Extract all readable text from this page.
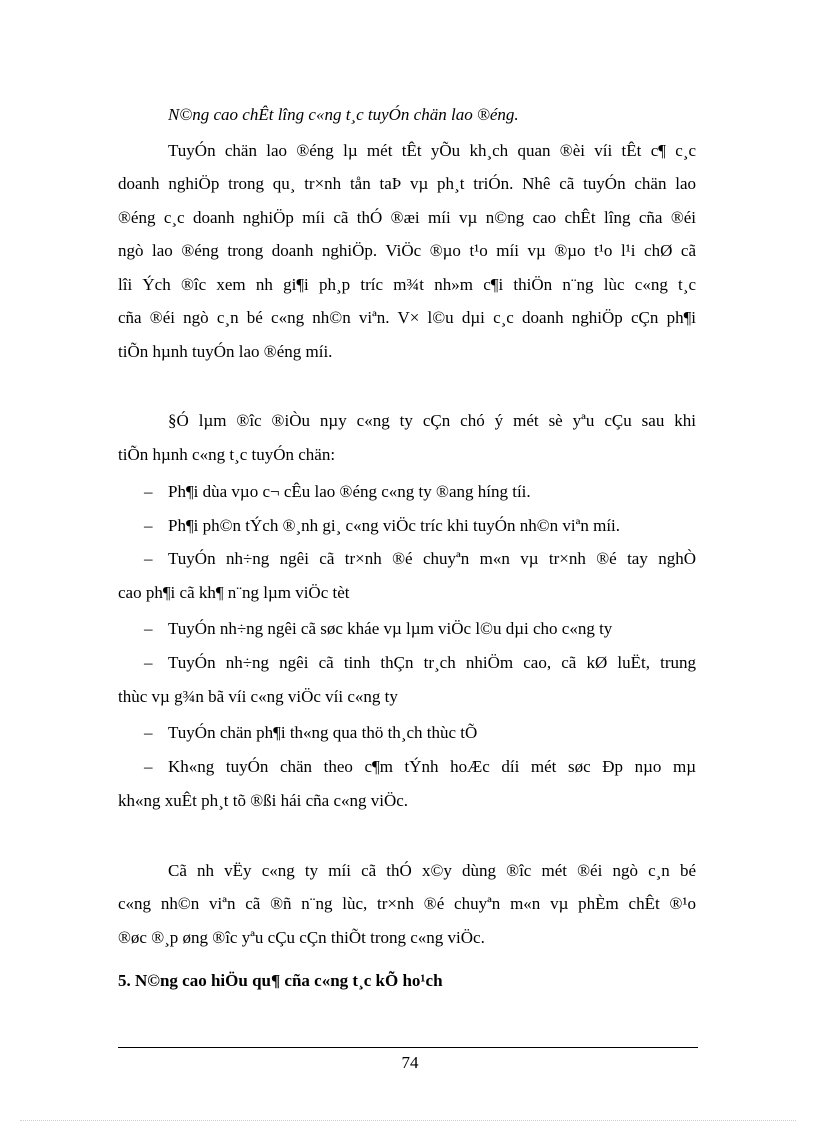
N©ng cao chÊt lîng c«ng t¸c tuyÓn chän lao ®éng.
TuyÓn chän lao ®éng lµ mét tÊt yÕu kh¸ch quan ®èi víi tÊt c¶ c¸c
doanh nghiÖp trong qu¸ tr×nh tån taÞ vµ ph¸t triÓn. Nhê cã tuyÓn chän lao
®éng c¸c doanh nghiÖp míi cã thÓ ®æi míi vµ n©ng cao chÊt lîng cña ®éi
ngò lao ®éng trong doanh nghiÖp. ViÖc ®µo t¹o míi vµ ®µo t¹o l¹i chØ cã
lîi Ých ®îc xem nh gi¶i ph¸p tríc m¾t nh»m c¶i thiÖn n¨ng lùc c«ng t¸c
cña ®éi ngò c¸n bé c«ng nh©n viªn. V× l©u dµi c¸c doanh nghiÖp cÇn ph¶i
tiÕn hµnh tuyÓn lao ®éng míi.
§Ó lµm ®îc ®iÒu nµy c«ng ty cÇn chó ý mét sè yªu cÇu sau khi
tiÕn hµnh c«ng t¸c tuyÓn chän:
– Ph¶i dùa vµo c¬ cÊu lao ®éng c«ng ty ®ang híng tíi.
– Ph¶i ph©n tÝch ®¸nh gi¸ c«ng viÖc tríc khi tuyÓn nh©n viªn míi.
– TuyÓn nh÷ng ngêi cã tr×nh ®é chuyªn m«n vµ tr×nh ®é tay nghÒ
cao ph¶i cã kh¶ n¨ng lµm viÖc tèt
– TuyÓn nh÷ng ngêi cã søc kháe vµ lµm viÖc l©u dµi cho c«ng ty
– TuyÓn nh÷ng ngêi cã tinh thÇn tr¸ch nhiÖm cao, cã kØ luËt, trung
thùc vµ g¾n bã víi c«ng viÖc víi c«ng ty
– TuyÓn chän ph¶i th«ng qua thö th¸ch thùc tÕ
– Kh«ng tuyÓn chän theo c¶m tÝnh hoÆc díi mét søc Ðp nµo mµ
kh«ng xuÊt ph¸t tõ ®ßi hái cña c«ng viÖc.
Cã nh vËy c«ng ty míi cã thÓ x©y dùng ®îc mét ®éi ngò c¸n bé
c«ng nh©n viªn cã ®ñ n¨ng lùc, tr×nh ®é chuyªn m«n vµ phÈm chÊt ®¹o
®øc ®¸p øng ®îc yªu cÇu cÇn thiÕt trong c«ng viÖc.
5. N©ng cao hiÖu qu¶ cña c«ng t¸c kÕ ho¹ch
74
